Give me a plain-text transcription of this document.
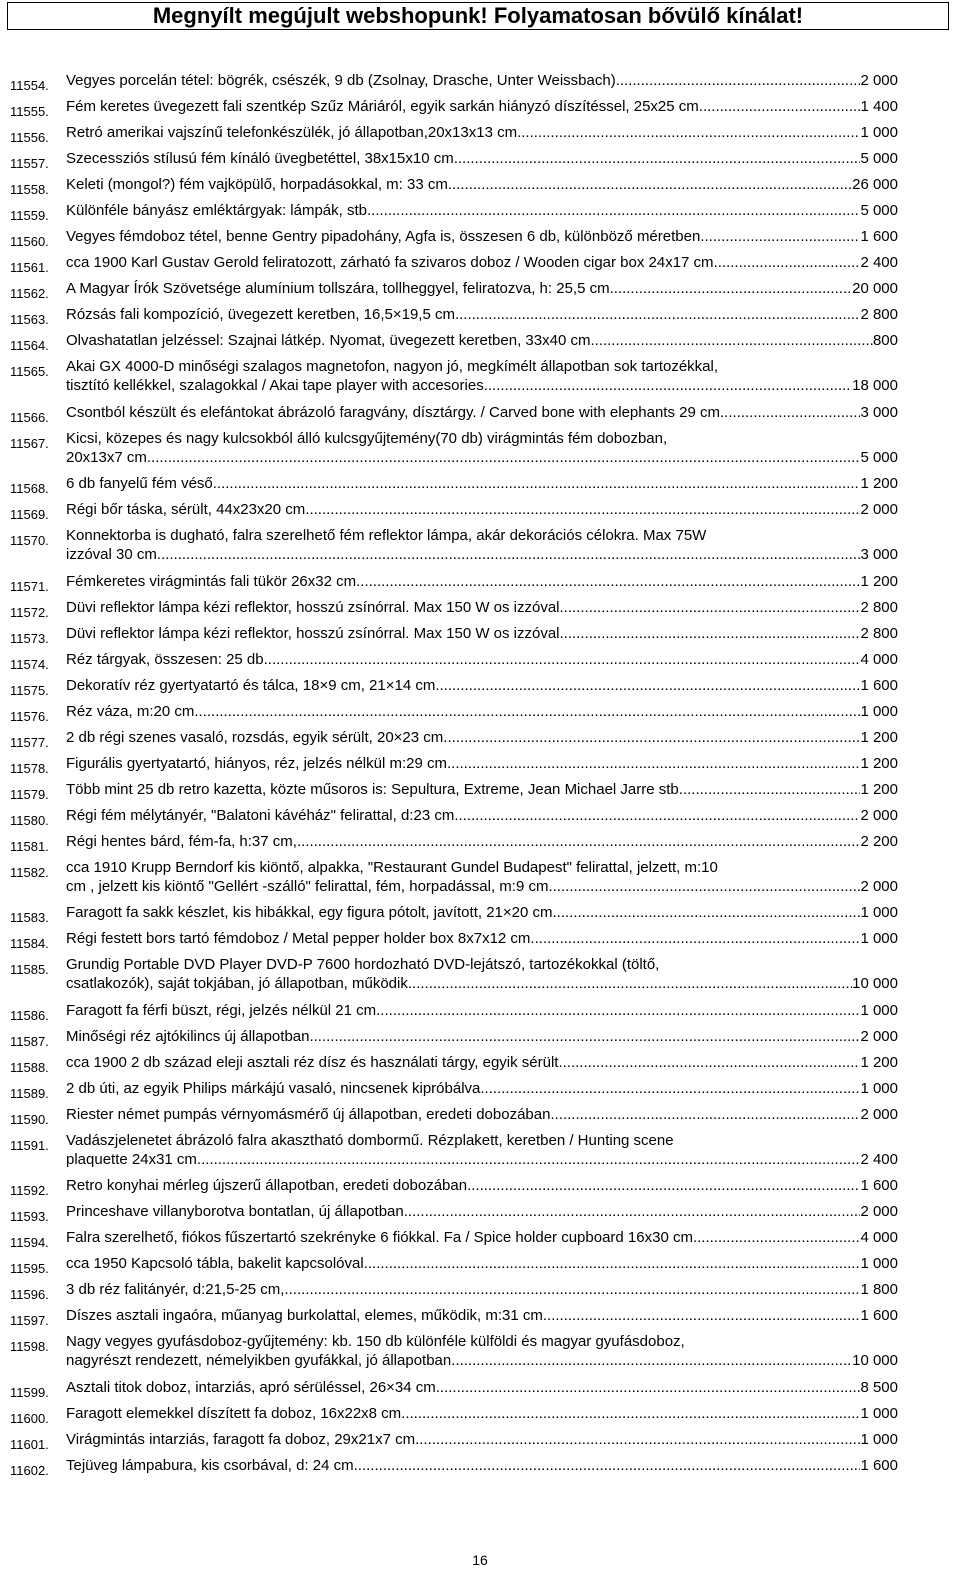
Megnyílt megújult webshopunk! Folyamatosan bővülő kínálat!
11554. Vegyes porcelán tétel: bögrék, csészék, 9 db (Zsolnay, Drasche, Unter Weissbach) .....	2 000
11555. Fém keretes üvegezett fali szentkép Szűz Máriáról, egyik sarkán hiányzó díszítéssel, 25x25 cm .....	1 400
11556. Retró amerikai vajszínű telefonkészülék, jó állapotban,20x13x13 cm .....	1 000
11557. Szecessziós stílusú fém kínáló üvegbetéttel, 38x15x10 cm .....	5 000
11558. Keleti (mongol?) fém vajköpülő, horpadásokkal, m: 33 cm .....	26 000
11559. Különféle bányász emléktárgyak: lámpák, stb. .....	5 000
11560. Vegyes fémdoboz tétel, benne Gentry pipadohány, Agfa is, összesen 6 db, különböző méretben .....	1 600
11561. cca 1900 Karl Gustav Gerold feliratozott, zárható fa szivaros doboz / Wooden cigar box 24x17 cm .....	2 400
11562. A Magyar Írók Szövetsége alumínium tollszára, tollheggyel, feliratozva, h: 25,5 cm .....	20 000
11563. Rózsás fali kompozíció, üvegezett keretben, 16,5×19,5 cm .....	2 800
11564. Olvashatatlan jelzéssel: Szajnai látkép. Nyomat, üvegezett keretben, 33x40 cm .....	800
11565. Akai GX 4000-D minőségi szalagos magnetofon, nagyon jó, megkímélt állapotban sok tartozékkal,
tisztító kellékkel, szalagokkal / Akai tape player with accesories .....	18 000
11566. Csontból készült és elefántokat ábrázoló faragvány, dísztárgy. / Carved bone with elephants 29 cm .....	3 000
11567. Kicsi, közepes és nagy kulcsokból álló kulcsgyűjtemény(70 db) virágmintás fém dobozban,
20x13x7 cm .....	5 000
11568. 6 db fanyelű fém véső .....	1 200
11569. Régi bőr táska, sérült, 44x23x20 cm .....	2 000
11570. Konnektorba is dugható, falra szerelhető fém reflektor lámpa, akár dekorációs célokra. Max 75W
izzóval 30 cm .....	3 000
11571. Fémkeretes virágmintás fali tükör 26x32 cm .....	1 200
11572. Düvi reflektor lámpa kézi reflektor, hosszú zsínórral. Max 150 W os izzóval .....	2 800
11573. Düvi reflektor lámpa kézi reflektor, hosszú zsínórral. Max 150 W os izzóval .....	2 800
11574. Réz tárgyak, összesen: 25 db .....	4 000
11575. Dekoratív réz gyertyatartó és tálca, 18×9 cm, 21×14 cm .....	1 600
11576. Réz váza, m:20 cm .....	1 000
11577. 2 db régi szenes vasaló, rozsdás, egyik sérült, 20×23 cm .....	1 200
11578. Figurális gyertyatartó, hiányos, réz, jelzés nélkül m:29 cm .....	1 200
11579. Több mint 25 db retro kazetta, közte műsoros is: Sepultura, Extreme, Jean Michael Jarre stb .....	1 200
11580. Régi fém mélytányér, "Balatoni kávéház" felirattal, d:23 cm .....	2 000
11581. Régi hentes bárd, fém-fa, h:37 cm, .....	2 200
11582. cca 1910 Krupp Berndorf kis kiöntő, alpakka, "Restaurant Gundel Budapest" felirattal, jelzett, m:10
cm , jelzett kis kiöntő "Gellért -szálló" felirattal, fém, horpadással, m:9 cm .....	2 000
11583. Faragott fa sakk készlet, kis hibákkal, egy figura pótolt, javított, 21×20 cm .....	1 000
11584. Régi festett bors tartó fémdoboz / Metal pepper holder box 8x7x12 cm .....	1 000
11585. Grundig Portable DVD Player DVD-P 7600 hordozható DVD-lejátszó, tartozékokkal (töltő,
csatlakozók), saját tokjában, jó állapotban, működik .....	10 000
11586. Faragott fa férfi büszt, régi, jelzés nélkül 21 cm .....	1 000
11587. Minőségi réz ajtókilincs új állapotban .....	2 000
11588. cca 1900 2 db század eleji asztali réz dísz és használati tárgy, egyik sérült. .....	1 200
11589. 2 db úti, az egyik Philips márkájú vasaló, nincsenek kipróbálva .....	1 000
11590. Riester német pumpás vérnyomásmérő új állapotban, eredeti dobozában. .....	2 000
11591. Vadászjelenetet ábrázoló falra akasztható dombormű. Rézplakett, keretben / Hunting scene
plaquette 24x31 cm .....	2 400
11592. Retro konyhai mérleg újszerű állapotban, eredeti dobozában .....	1 600
11593. Princeshave villanyborotva bontatlan, új állapotban .....	2 000
11594. Falra szerelhető, fiókos fűszertartó szekrényke 6 fiókkal. Fa / Spice holder cupboard 16x30 cm .....	4 000
11595. cca 1950 Kapcsoló tábla, bakelit kapcsolóval .....	1 000
11596. 3 db réz falitányér, d:21,5-25 cm, .....	1 800
11597. Díszes asztali ingaóra, műanyag burkolattal, elemes, működik, m:31 cm .....	1 600
11598. Nagy vegyes gyufásdoboz-gyűjtemény: kb. 150 db különféle külföldi és magyar gyufásdoboz,
nagyrészt rendezett, némelyikben gyufákkal, jó állapotban .....	10 000
11599. Asztali titok doboz, intarziás, apró sérüléssel, 26×34 cm .....	8 500
11600. Faragott elemekkel díszített fa doboz, 16x22x8 cm .....	1 000
11601. Virágmintás intarziás, faragott fa doboz, 29x21x7 cm .....	1 000
11602. Tejüveg lámpabura, kis csorbával, d: 24 cm .....	1 600
16
